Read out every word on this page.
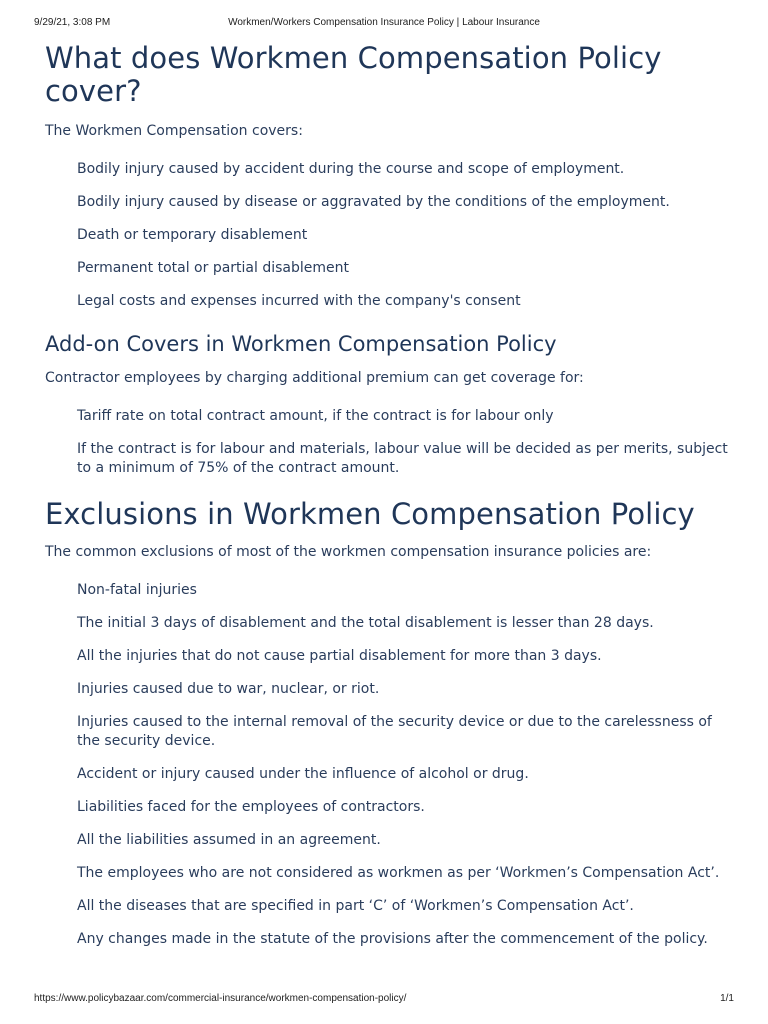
9/29/21, 3:08 PM	Workmen/Workers Compensation Insurance Policy | Labour Insurance
What does Workmen Compensation Policy cover?

The Workmen Compensation covers:

Bodily injury caused by accident during the course and scope of employment.
Bodily injury caused by disease or aggravated by the conditions of the employment.
Death or temporary disablement
Permanent total or partial disablement
Legal costs and expenses incurred with the company's consent
Add-on Covers in Workmen Compensation Policy

Contractor employees by charging additional premium can get coverage for:

Tariff rate on total contract amount, if the contract is for labour only
If the contract is for labour and materials, labour value will be decided as per merits, subject to a minimum of 75% of the contract amount.
Exclusions in Workmen Compensation Policy

The common exclusions of most of the workmen compensation insurance policies are:

Non-fatal injuries
The initial 3 days of disablement and the total disablement is lesser than 28 days.
All the injuries that do not cause partial disablement for more than 3 days.
Injuries caused due to war, nuclear, or riot.
Injuries caused to the internal removal of the security device or due to the carelessness of the security device.
Accident or injury caused under the influence of alcohol or drug.
Liabilities faced for the employees of contractors.
All the liabilities assumed in an agreement.
The employees who are not considered as workmen as per ‘Workmen’s Compensation Act’.
All the diseases that are specified in part ‘C’ of ‘Workmen’s Compensation Act’.
Any changes made in the statute of the provisions after the commencement of the policy.
https://www.policybazaar.com/commercial-insurance/workmen-compensation-policy/	1/1
